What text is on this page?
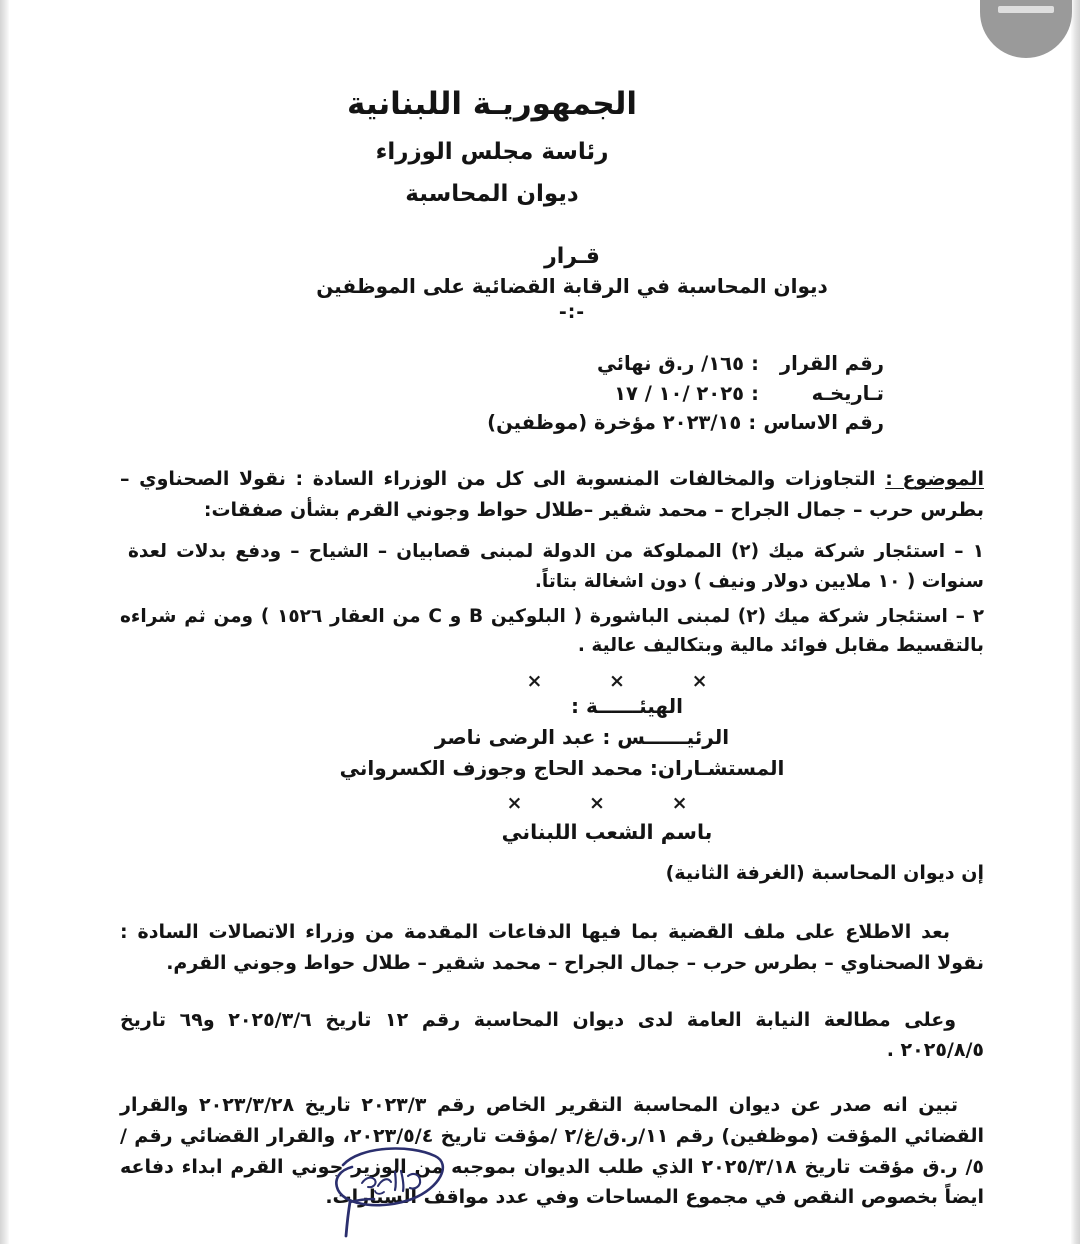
الجمهوريـة اللبنانية
رئاسة مجلس الوزراء
ديوان المحاسبة
قـرار
ديوان المحاسبة في الرقابة القضائية على الموظفين
-:-
رقم القرار
:
١٦٥/ ر.ق نهائي
تـاريخـه
:
٢٠٢٥ /١٠ / ١٧
رقم الاساس
:
٢٠٢٣/١٥ مؤخرة (موظفين)
الموضوع : التجاوزات والمخالفات المنسوبة الى كل من الوزراء السادة : نقولا الصحناوي – بطرس حرب – جمال الجراح – محمد شقير –طلال حواط وجوني القرم بشأن صفقات:
١ – استئجار شركة ميك (٢) المملوكة من الدولة لمبنى قصابيان – الشياح – ودفع بدلات لعدة سنوات ( ١٠ ملايين دولار ونيف ) دون اشغالة بتاتاً.
٢ – استئجار شركة ميك (٢) لمبنى الباشورة ( البلوكين B و C من العقار ١٥٢٦ ) ومن ثم شراءه بالتقسيط مقابل فوائد مالية وبتكاليف عالية .
× × ×
الهيئــــــة :
الرئيــــــس : عبد الرضى ناصر
المستشـاران: محمد الحاج وجوزف الكسرواني
× × ×
باسم الشعب اللبناني
إن ديوان المحاسبة (الغرفة الثانية)
بعد الاطلاع على ملف القضية بما فيها الدفاعات المقدمة من وزراء الاتصالات السادة : نقولا الصحناوي – بطرس حرب – جمال الجراح – محمد شقير – طلال حواط وجوني القرم.
وعلى مطالعة النيابة العامة لدى ديوان المحاسبة رقم ١٢ تاريخ ٢٠٢٥/٣/٦ و٦٩ تاريخ ٢٠٢٥/٨/٥ .
تبين انه صدر عن ديوان المحاسبة التقرير الخاص رقم ٢٠٢٣/٣ تاريخ ٢٠٢٣/٣/٢٨ والقرار القضائي المؤقت (موظفين) رقم ١١/ر.ق/غ/٢ /مؤقت تاريخ ٢٠٢٣/٥/٤، والقرار القضائي رقم /٥/ ر.ق مؤقت تاريخ ٢٠٢٥/٣/١٨ الذي طلب الديوان بموجبه من الوزير جوني القرم ابداء دفاعه ايضاً بخصوص النقص في مجموع المساحات وفي عدد مواقف السيارات.
